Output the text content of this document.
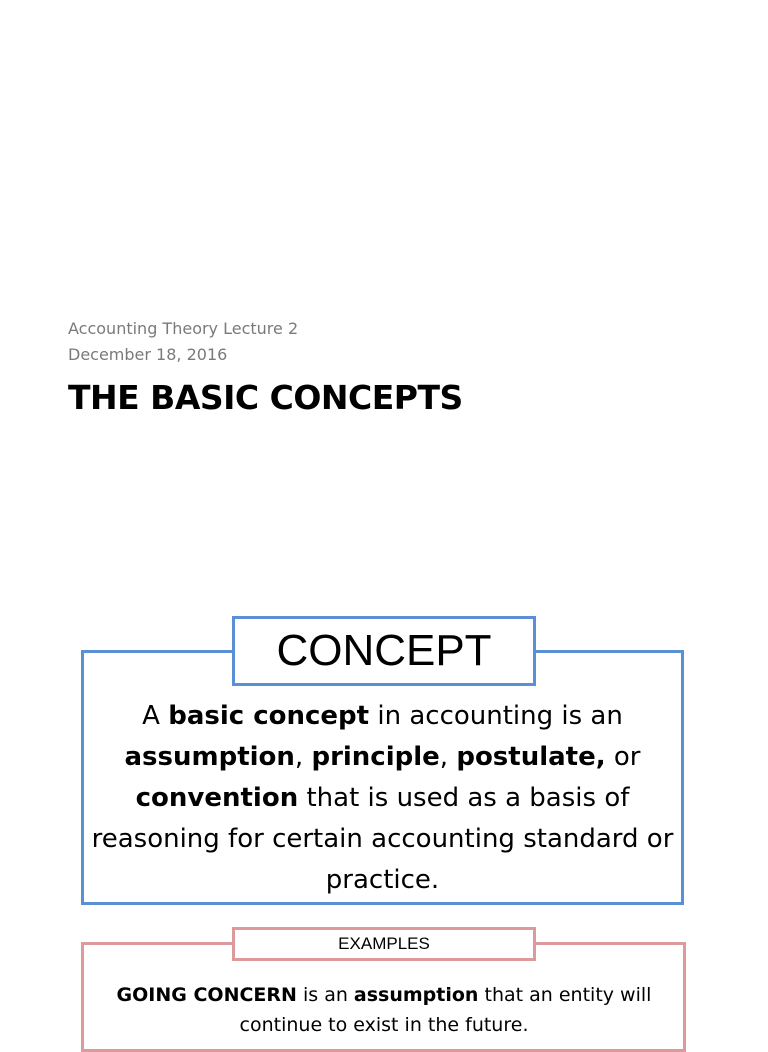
Accounting Theory Lecture 2
December 18, 2016
THE BASIC CONCEPTS
CONCEPT
A basic concept in accounting is an
assumption, principle, postulate, or
convention that is used as a basis of reasoning for certain accounting standard or practice.
EXAMPLES
GOING CONCERN is an assumption that an entity will continue to exist in the future.
